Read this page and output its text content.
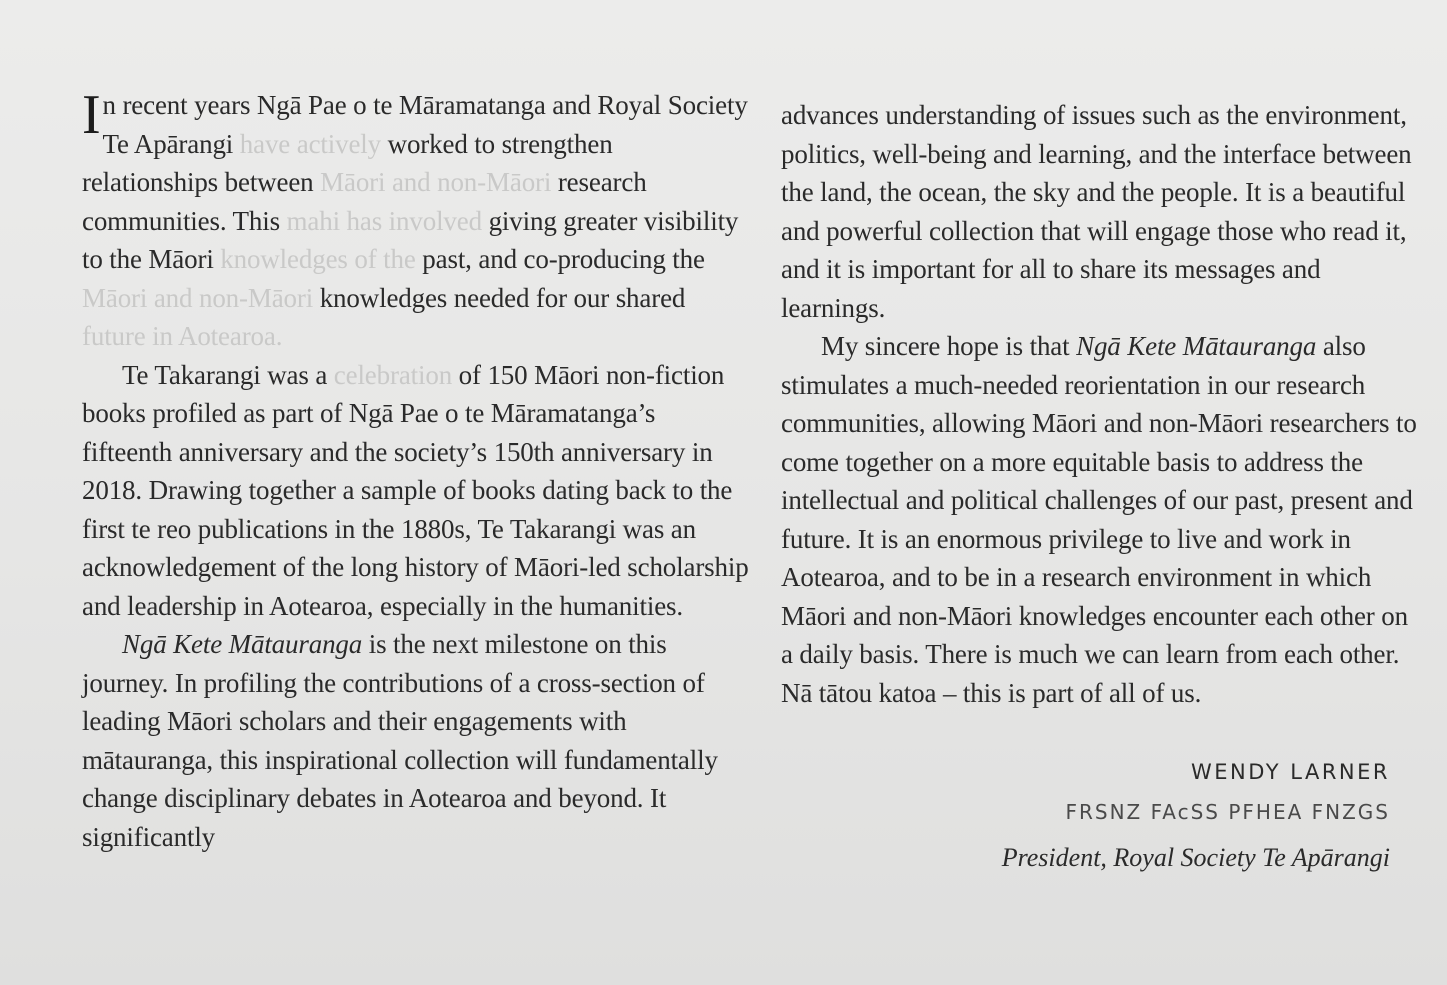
In recent years Ngā Pae o te Māramatanga and Royal Society Te Apārangi have actively worked to strengthen relationships between Māori and non-Māori research communities. This mahi has involved giving greater visibility to the Māori knowledges of the past, and co-producing the Māori and non-Māori knowledges needed for our shared future in Aotearoa.

Te Takarangi was a celebration of 150 Māori non-fiction books profiled as part of Ngā Pae o te Māramatanga’s fifteenth anniversary and the society’s 150th anniversary in 2018. Drawing together a sample of books dating back to the first te reo publications in the 1880s, Te Takarangi was an acknowledgement of the long history of Māori-led scholarship and leadership in Aotearoa, especially in the humanities.

Ngā Kete Mātauranga is the next milestone on this journey. In profiling the contributions of a cross-section of leading Māori scholars and their engagements with mātauranga, this inspirational collection will fundamentally change disciplinary debates in Aotearoa and beyond. It significantly

advances understanding of issues such as the environment, politics, well-being and learning, and the interface between the land, the ocean, the sky and the people. It is a beautiful and powerful collection that will engage those who read it, and it is important for all to share its messages and learnings.

My sincere hope is that Ngā Kete Mātauranga also stimulates a much-needed reorientation in our research communities, allowing Māori and non-Māori researchers to come together on a more equitable basis to address the intellectual and political challenges of our past, present and future. It is an enormous privilege to live and work in Aotearoa, and to be in a research environment in which Māori and non-Māori knowledges encounter each other on a daily basis. There is much we can learn from each other. Nā tātou katoa – this is part of all of us.

WENDY LARNER
FRSNZ FAcSS PFHEA FNZGS
President, Royal Society Te Apārangi
